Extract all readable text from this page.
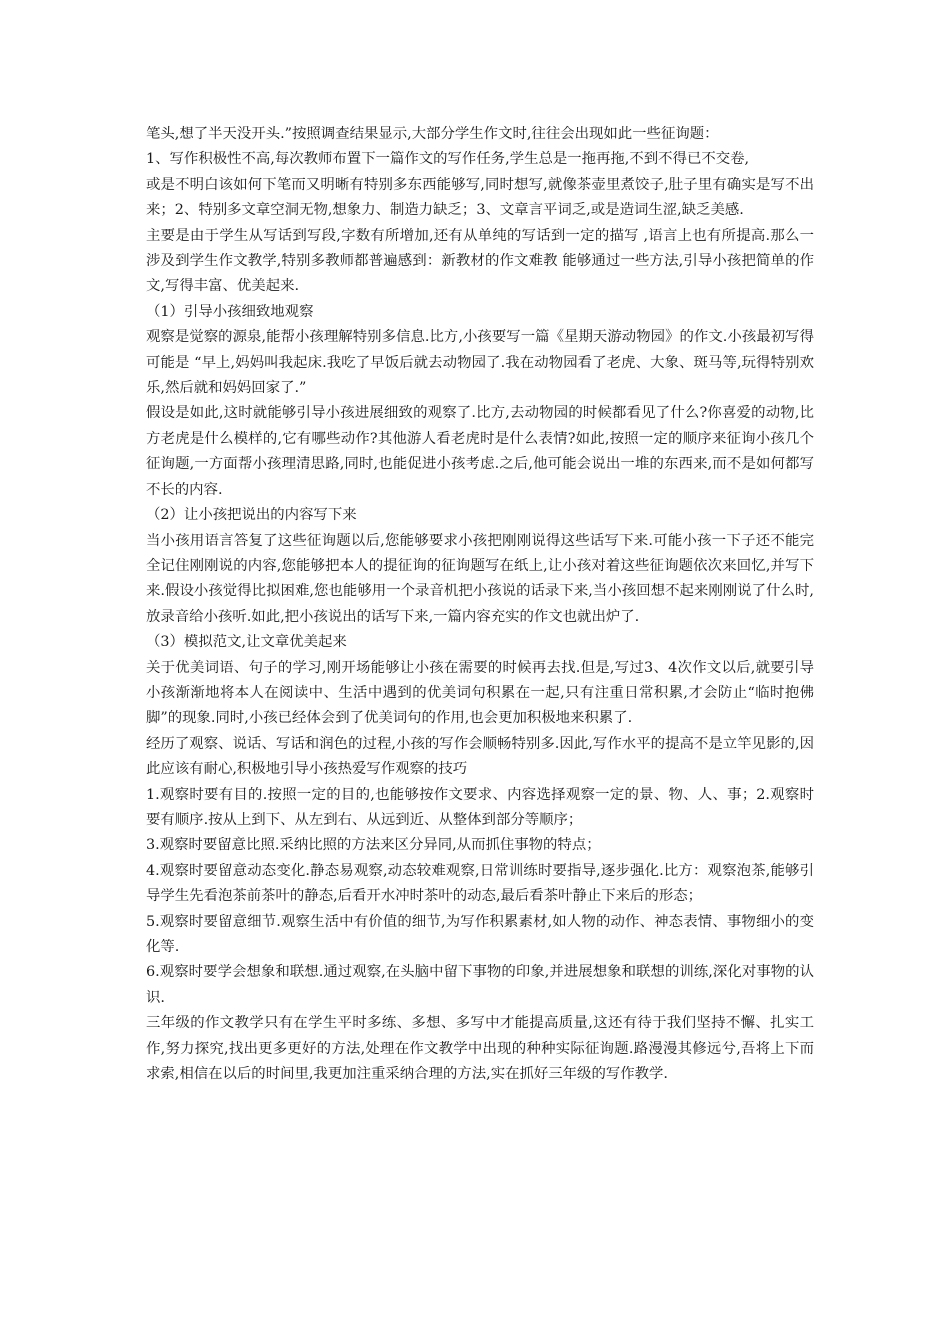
笔头,想了半天没开头.”按照调查结果显示,大部分学生作文时,往往会出现如此一些征询题：

1、写作积极性不高,每次教师布置下一篇作文的写作任务,学生总是一拖再拖,不到不得已不交卷,

或是不明白该如何下笔而又明晰有特别多东西能够写,同时想写,就像茶壶里煮饺子,肚子里有确实是写不出来；2、特别多文章空洞无物,想象力、制造力缺乏；3、文章言平词乏,或是造词生涩,缺乏美感.

主要是由于学生从写话到写段,字数有所增加,还有从单纯的写话到一定的描写 ,语言上也有所提高.那么一涉及到学生作文教学,特别多教师都普遍感到：新教材的作文难教 能够通过一些方法,引导小孩把简单的作文,写得丰富、优美起来.

（1）引导小孩细致地观察

观察是觉察的源泉,能帮小孩理解特别多信息.比方,小孩要写一篇《星期天游动物园》的作文.小孩最初写得可能是 “早上,妈妈叫我起床.我吃了早饭后就去动物园了.我在动物园看了老虎、大象、斑马等,玩得特别欢乐,然后就和妈妈回家了.”

假设是如此,这时就能够引导小孩进展细致的观察了.比方,去动物园的时候都看见了什么?你喜爱的动物,比方老虎是什么模样的,它有哪些动作?其他游人看老虎时是什么表情?如此,按照一定的顺序来征询小孩几个征询题,一方面帮小孩理清思路,同时,也能促进小孩考虑.之后,他可能会说出一堆的东西来,而不是如何都写不长的内容.

（2）让小孩把说出的内容写下来

当小孩用语言答复了这些征询题以后,您能够要求小孩把刚刚说得这些话写下来.可能小孩一下子还不能完全记住刚刚说的内容,您能够把本人的提征询的征询题写在纸上,让小孩对着这些征询题依次来回忆,并写下来.假设小孩觉得比拟困难,您也能够用一个录音机把小孩说的话录下来,当小孩回想不起来刚刚说了什么时,放录音给小孩听.如此,把小孩说出的话写下来,一篇内容充实的作文也就出炉了.

（3）模拟范文,让文章优美起来

关于优美词语、句子的学习,刚开场能够让小孩在需要的时候再去找.但是,写过3、4次作文以后,就要引导小孩渐渐地将本人在阅读中、生活中遇到的优美词句积累在一起,只有注重日常积累,才会防止“临时抱佛脚”的现象.同时,小孩已经体会到了优美词句的作用,也会更加积极地来积累了.

经历了观察、说话、写话和润色的过程,小孩的写作会顺畅特别多.因此,写作水平的提高不是立竿见影的,因此应该有耐心,积极地引导小孩热爱写作观察的技巧

1.观察时要有目的.按照一定的目的,也能够按作文要求、内容选择观察一定的景、物、人、事；2.观察时要有顺序.按从上到下、从左到右、从远到近、从整体到部分等顺序；

3.观察时要留意比照.采纳比照的方法来区分异同,从而抓住事物的特点；

4.观察时要留意动态变化.静态易观察,动态较难观察,日常训练时要指导,逐步强化.比方：观察泡茶,能够引导学生先看泡茶前茶叶的静态,后看开水冲时茶叶的动态,最后看茶叶静止下来后的形态；

5.观察时要留意细节.观察生活中有价值的细节,为写作积累素材,如人物的动作、神态表情、事物细小的变化等.

6.观察时要学会想象和联想.通过观察,在头脑中留下事物的印象,并进展想象和联想的训练,深化对事物的认识.

三年级的作文教学只有在学生平时多练、多想、多写中才能提高质量,这还有待于我们坚持不懈、扎实工作,努力探究,找出更多更好的方法,处理在作文教学中出现的种种实际征询题.路漫漫其修远兮,吾将上下而求索,相信在以后的时间里,我更加注重采纳合理的方法,实在抓好三年级的写作教学.
